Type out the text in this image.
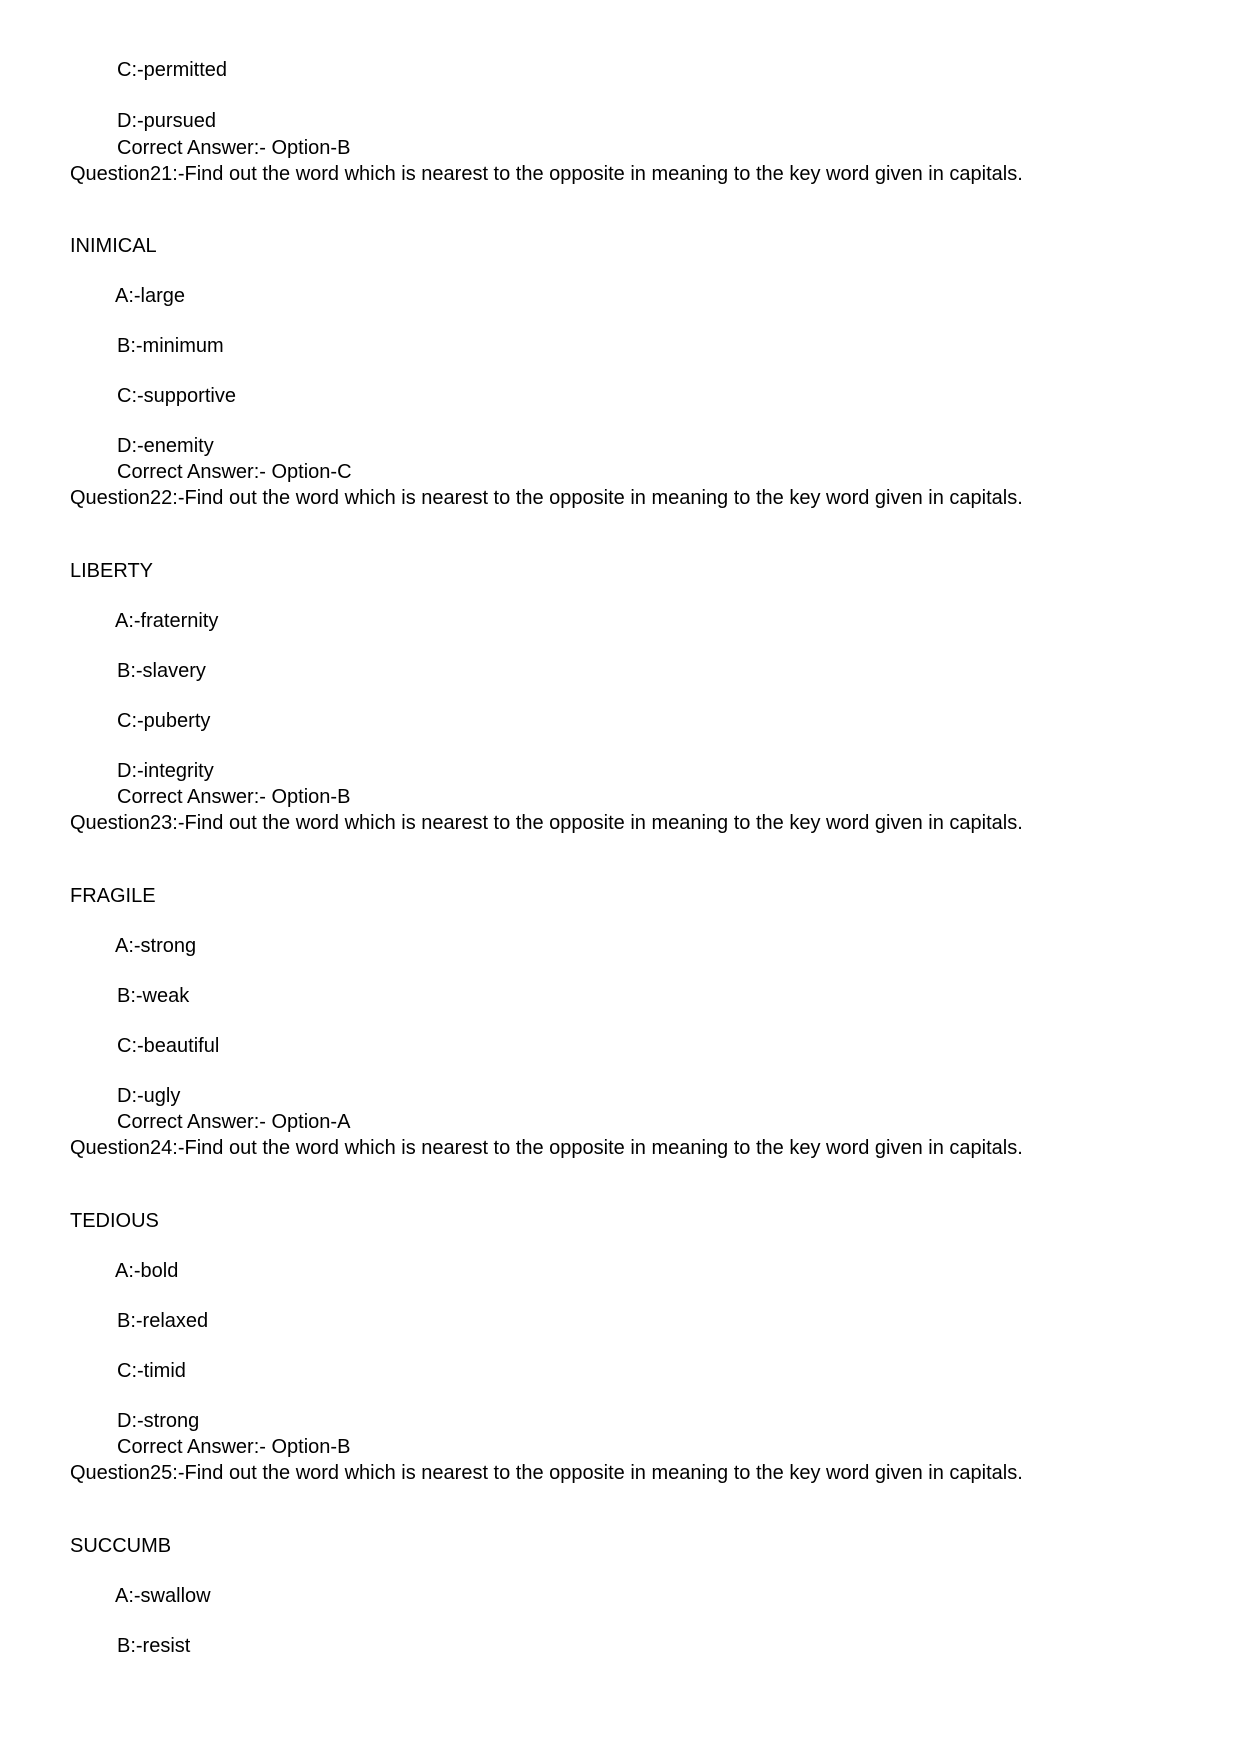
C:-permitted
D:-pursued
Correct Answer:- Option-B
Question21:-Find out the word which is nearest to the opposite in meaning to the key word given in capitals.
INIMICAL
A:-large
B:-minimum
C:-supportive
D:-enemity
Correct Answer:- Option-C
Question22:-Find out the word which is nearest to the opposite in meaning to the key word given in capitals.
LIBERTY
A:-fraternity
B:-slavery
C:-puberty
D:-integrity
Correct Answer:- Option-B
Question23:-Find out the word which is nearest to the opposite in meaning to the key word given in capitals.
FRAGILE
A:-strong
B:-weak
C:-beautiful
D:-ugly
Correct Answer:- Option-A
Question24:-Find out the word which is nearest to the opposite in meaning to the key word given in capitals.
TEDIOUS
A:-bold
B:-relaxed
C:-timid
D:-strong
Correct Answer:- Option-B
Question25:-Find out the word which is nearest to the opposite in meaning to the key word given in capitals.
SUCCUMB
A:-swallow
B:-resist
